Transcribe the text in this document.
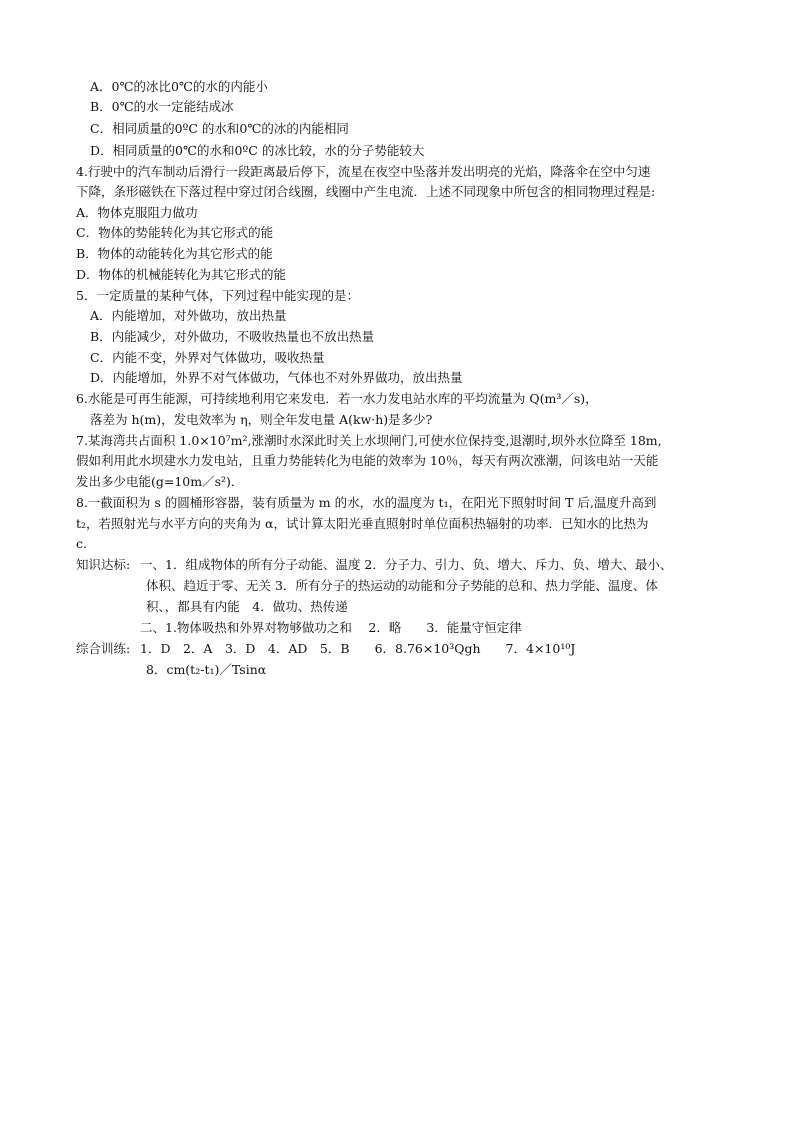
A．0℃的冰比0℃的水的内能小
B．0℃的水一定能结成冰
C．相同质量的0ºC 的水和0℃的冰的内能相同
D．相同质量的0℃的水和0ºC 的冰比较，水的分子势能较大
4.行驶中的汽车制动后滑行一段距离最后停下，流星在夜空中坠落并发出明亮的光焰，降落伞在空中匀速
下降，条形磁铁在下落过程中穿过闭合线圈，线圈中产生电流．上述不同现象中所包含的相同物理过程是:
A．物体克服阻力做功
C．物体的势能转化为其它形式的能
B．物体的动能转化为其它形式的能
D．物体的机械能转化为其它形式的能
5．一定质量的某种气体，下列过程中能实现的是：
A．内能增加，对外做功，放出热量
B．内能减少，对外做功，不吸收热量也不放出热量
C．内能不变，外界对气体做功，吸收热量
D．内能增加，外界不对气体做功，气体也不对外界做功，放出热量
6.水能是可再生能源，可持续地利用它来发电．若一水力发电站水库的平均流量为 Q(m³／s)，
落差为 h(m)，发电效率为 η，则全年发电量 A(kw·h)是多少?
7.某海湾共占面积 1.0×10⁷m²,涨潮时水深此时关上水坝闸门,可使水位保持变,退潮时,坝外水位降至 18m,
假如利用此水坝建水力发电站，且重力势能转化为电能的效率为 10％，每天有两次涨潮，问该电站一天能
发出多少电能(g=10m／s²)．
8.一截面积为 s 的圆桶形容器，装有质量为 m 的水，水的温度为 t₁，在阳光下照射时间 T 后,温度升高到
t₂，若照射光与水平方向的夹角为 α，试计算太阳光垂直照射时单位面积热辐射的功率．已知水的比热为
c．
知识达标: 一、1．组成物体的所有分子动能、温度 2．分子力、引力、负、增大、斥力、负、增大、最小、
体积、趋近于零、无关 3．所有分子的热运动的动能和分子势能的总和、热力学能、温度、体
积、，都具有内能　4．做功、热传递
二、1.物体吸热和外界对物够做功之和　 2．略　　3．能量守恒定律
综合训练: 1．D　2．A　3．D　4．AD　5．B　　6．8.76×10³Qgh　　7．4×10¹⁰J
8．cm(t₂-t₁)／Tsinα
